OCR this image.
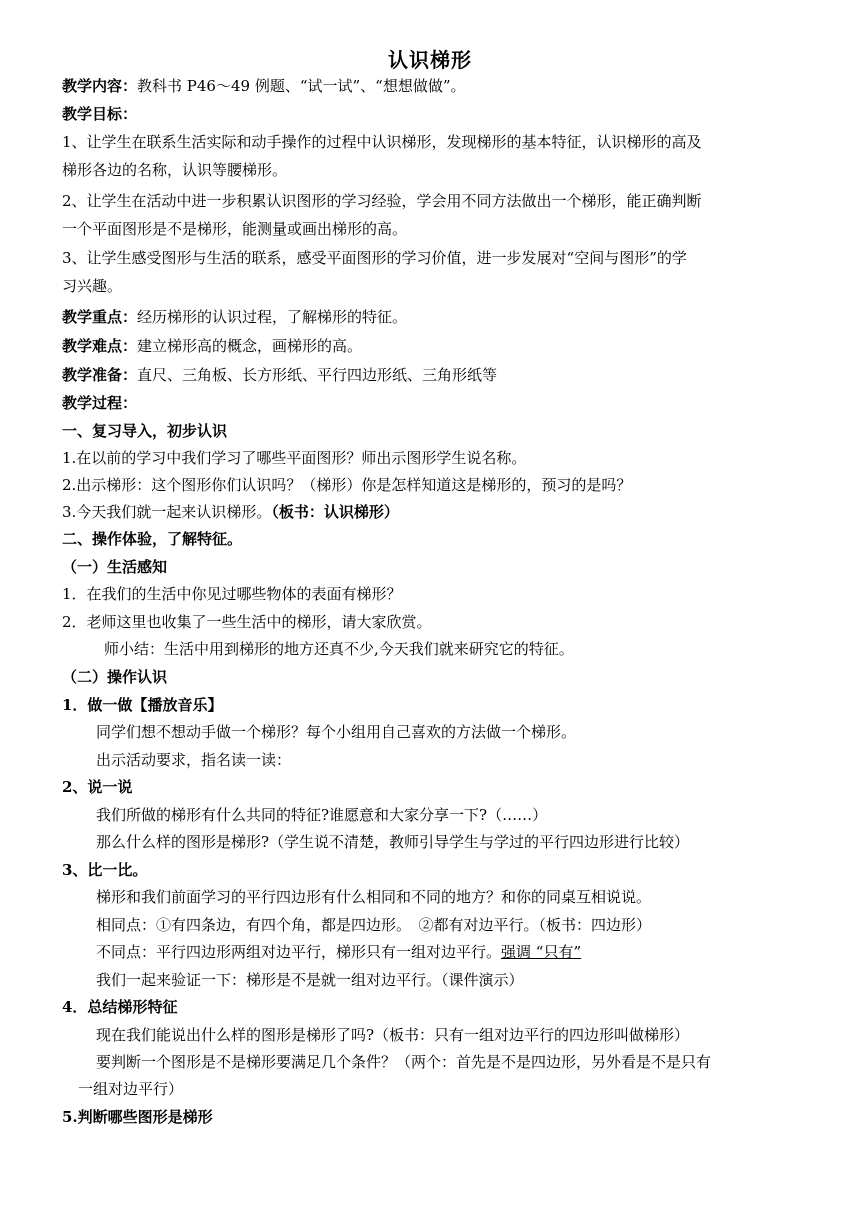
认识梯形
教学内容：教科书 P46～49 例题、“试一试”、“想想做做”。
教学目标：
1、让学生在联系生活实际和动手操作的过程中认识梯形，发现梯形的基本特征，认识梯形的高及
梯形各边的名称，认识等腰梯形。
2、让学生在活动中进一步积累认识图形的学习经验，学会用不同方法做出一个梯形，能正确判断
一个平面图形是不是梯形，能测量或画出梯形的高。
3、让学生感受图形与生活的联系，感受平面图形的学习价值，进一步发展对“空间与图形”的学
习兴趣。
教学重点：经历梯形的认识过程，了解梯形的特征。
教学难点：建立梯形高的概念，画梯形的高。
教学准备：直尺、三角板、长方形纸、平行四边形纸、三角形纸等
教学过程：
一、复习导入，初步认识
1.在以前的学习中我们学习了哪些平面图形？师出示图形学生说名称。
2.出示梯形：这个图形你们认识吗？（梯形）你是怎样知道这是梯形的，预习的是吗？
3.今天我们就一起来认识梯形。（板书：认识梯形）
二、操作体验，了解特征。
（一）生活感知
1．在我们的生活中你见过哪些物体的表面有梯形？
2．老师这里也收集了一些生活中的梯形，请大家欣赏。
师小结：生活中用到梯形的地方还真不少,今天我们就来研究它的特征。
（二）操作认识
1．做一做【播放音乐】
同学们想不想动手做一个梯形？每个小组用自己喜欢的方法做一个梯形。
出示活动要求，指名读一读：
2、说一说
我们所做的梯形有什么共同的特征?谁愿意和大家分享一下?（……）
那么什么样的图形是梯形?（学生说不清楚，教师引导学生与学过的平行四边形进行比较）
3、比一比。
梯形和我们前面学习的平行四边形有什么相同和不同的地方？和你的同桌互相说说。
相同点：①有四条边，有四个角，都是四边形。　②都有对边平行。（板书：四边形）
不同点：平行四边形两组对边平行，梯形只有一组对边平行。强调 “只有”
我们一起来验证一下：梯形是不是就一组对边平行。（课件演示）
4．总结梯形特征
现在我们能说出什么样的图形是梯形了吗?（板书：只有一组对边平行的四边形叫做梯形）
要判断一个图形是不是梯形要满足几个条件？（两个：首先是不是四边形，另外看是不是只有
一组对边平行）
5.判断哪些图形是梯形
